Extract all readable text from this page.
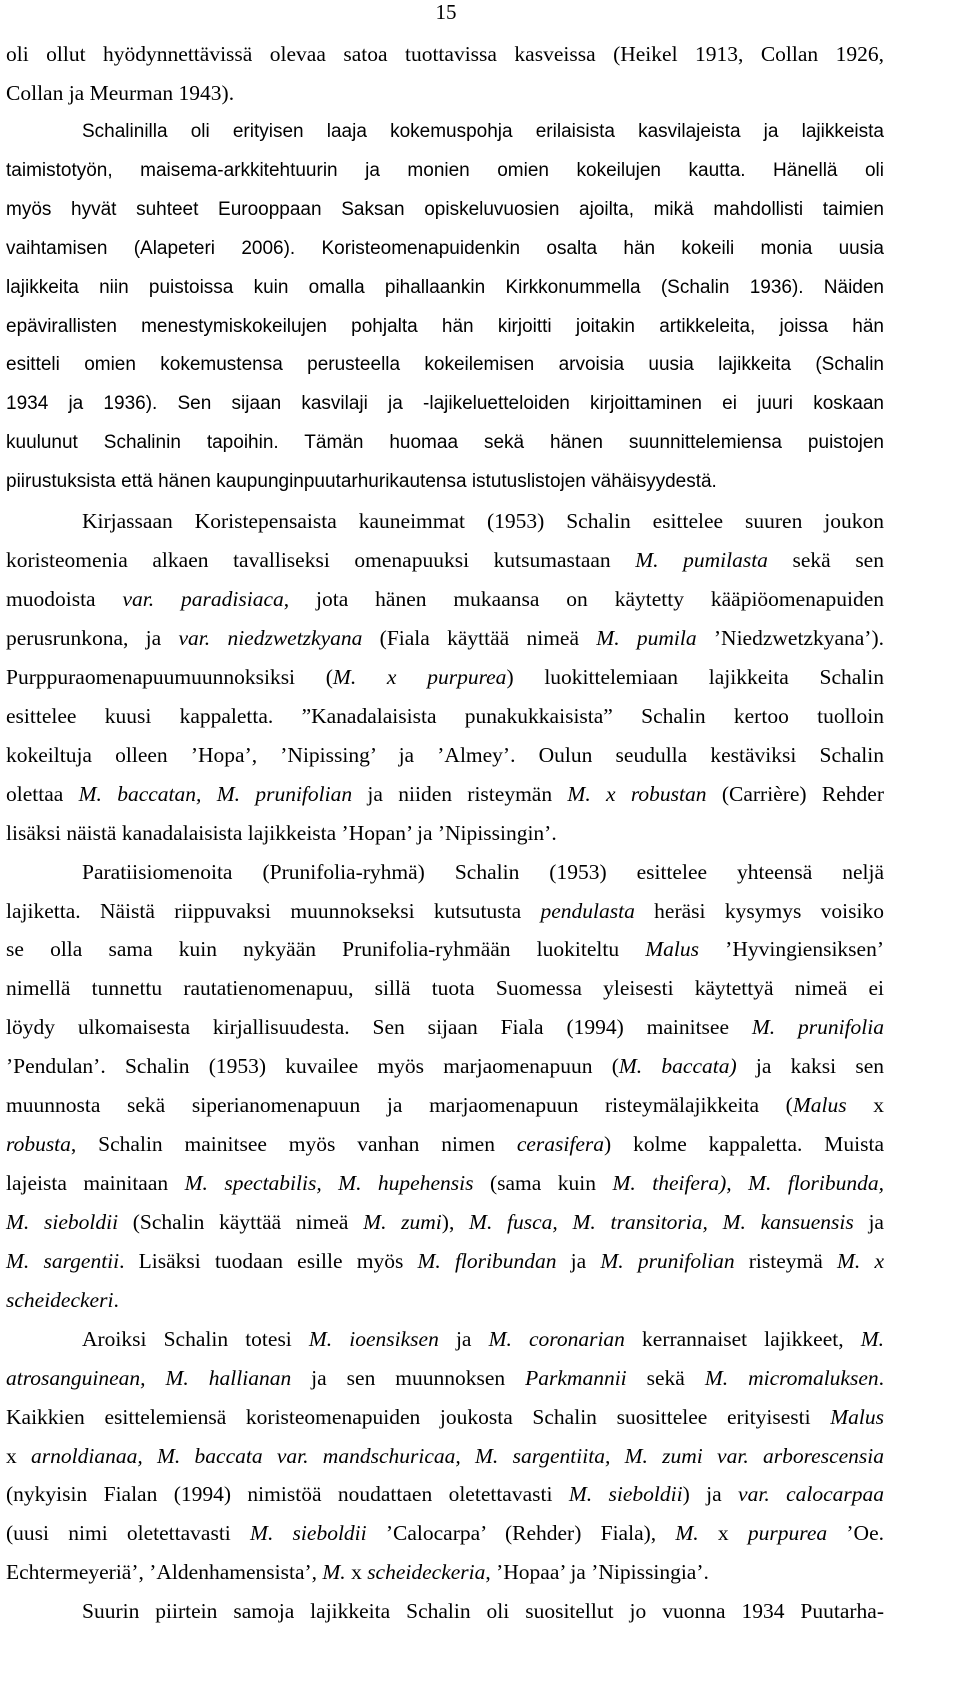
15
oli ollut hyödynnettävissä olevaa satoa tuottavissa kasveissa (Heikel 1913, Collan 1926,
Collan ja Meurman 1943).
Schalinilla oli erityisen laaja kokemuspohja erilaisista kasvilajeista ja lajikkeista
taimistotyön, maisema-arkkitehtuurin ja monien omien kokeilujen kautta. Hänellä oli
myös hyvät suhteet Eurooppaan Saksan opiskeluvuosien ajoilta, mikä mahdollisti taimien
vaihtamisen (Alapeteri 2006). Koristeomenapuidenkin osalta hän kokeili monia uusia
lajikkeita niin puistoissa kuin omalla pihallaankin Kirkkonummella (Schalin 1936). Näiden
epävirallisten menestymiskokeilujen pohjalta hän kirjoitti joitakin artikkeleita, joissa hän
esitteli omien kokemustensa perusteella kokeilemisen arvoisia uusia lajikkeita (Schalin
1934 ja 1936). Sen sijaan kasvilaji ja -lajikeluetteloiden kirjoittaminen ei juuri koskaan
kuulunut Schalinin tapoihin. Tämän huomaa sekä hänen suunnittelemiensa puistojen
piirustuksista että hänen kaupunginpuutarhurikautensa istutuslistojen vähäisyydestä.
Kirjassaan Koristepensaista kauneimmat (1953) Schalin esittelee suuren joukon
koristeomenia alkaen tavalliseksi omenapuuksi kutsumastaan M. pumilasta sekä sen
muodoista var. paradisiaca, jota hänen mukaansa on käytetty kääpiöomenapuiden
perusrunkona, ja var. niedzwetzkyana (Fiala käyttää nimeä M. pumila ’Niedzwetzkyana’).
Purppuraomenapuumuunnoksiksi (M. x purpurea) luokittelemiaan lajikkeita Schalin
esittelee kuusi kappaletta. ”Kanadalaisista punakukkaisista” Schalin kertoo tuolloin
kokeiltuja olleen ’Hopa’, ’Nipissing’ ja ’Almey’. Oulun seudulla kestäviksi Schalin
olettaa M. baccatan, M. prunifolian ja niiden risteymän M. x robustan (Carrière) Rehder
lisäksi näistä kanadalaisista lajikkeista ’Hopan’ ja ’Nipissingin’.
Paratiisiomenoita (Prunifolia-ryhmä) Schalin (1953) esittelee yhteensä neljä
lajiketta. Näistä riippuvaksi muunnokseksi kutsutusta pendulasta heräsi kysymys voisiko
se olla sama kuin nykyään Prunifolia-ryhmään luokiteltu Malus ’Hyvingiensiksen’
nimellä tunnettu rautatienomenapuu, sillä tuota Suomessa yleisesti käytettyä nimeä ei
löydy ulkomaisesta kirjallisuudesta. Sen sijaan Fiala (1994) mainitsee M. prunifolia
’Pendulan’. Schalin (1953) kuvailee myös marjaomenapuun (M. baccata) ja kaksi sen
muunnosta sekä siperianomenapuun ja marjaomenapuun risteymälajikkeita (Malus x
robusta, Schalin mainitsee myös vanhan nimen cerasifera) kolme kappaletta. Muista
lajeista mainitaan M. spectabilis, M. hupehensis (sama kuin M. theifera), M. floribunda,
M. sieboldii (Schalin käyttää nimeä M. zumi), M. fusca, M. transitoria, M. kansuensis ja
M. sargentii. Lisäksi tuodaan esille myös M. floribundan ja M. prunifolian risteymä M. x
scheideckeri.
Aroiksi Schalin totesi M. ioensiksen ja M. coronarian kerrannaiset lajikkeet, M.
atrosanguinean, M. hallianan ja sen muunnoksen Parkmannii sekä M. micromaluksen.
Kaikkien esittelemiensä koristeomenapuiden joukosta Schalin suosittelee erityisesti Malus
x arnoldianaa, M. baccata var. mandschuricaa, M. sargentiita, M. zumi var. arborescensia
(nykyisin Fialan (1994) nimistöä noudattaen oletettavasti M. sieboldii) ja var. calocarpaa
(uusi nimi oletettavasti M. sieboldii ’Calocarpa’ (Rehder) Fiala), M. x purpurea ’Oe.
Echtermeyeriä’, ’Aldenhamensista’, M. x scheideckeria, ’Hopaa’ ja ’Nipissingia’.
Suurin piirtein samoja lajikkeita Schalin oli suositellut jo vuonna 1934 Puutarha-
